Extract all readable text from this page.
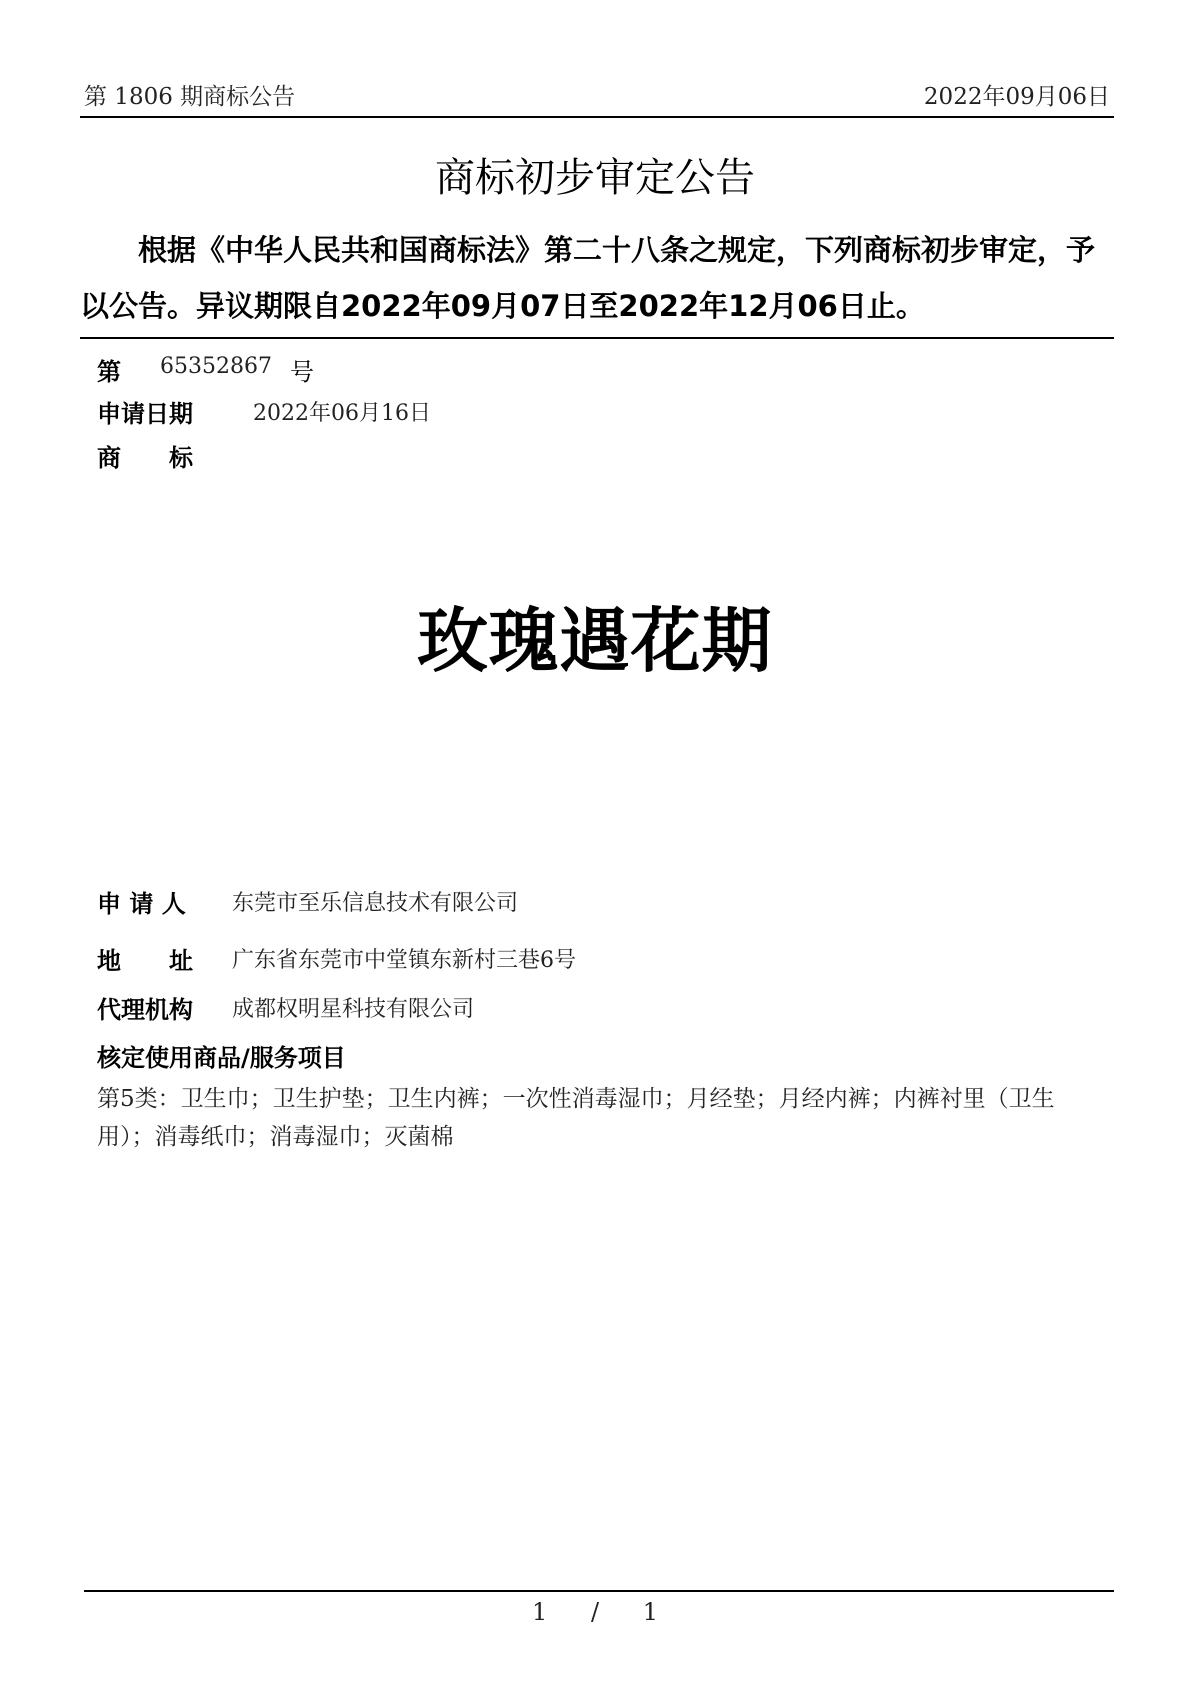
第 1806 期商标公告	2022年09月06日
商标初步审定公告
根据《中华人民共和国商标法》第二十八条之规定，下列商标初步审定，予以公告。异议期限自2022年09月07日至2022年12月06日止。
第 65352867 号
申请日期	2022年06月16日
商　　标
玫瑰遇花期
申 请 人 东莞市至乐信息技术有限公司
地　　址 广东省东莞市中堂镇东新村三巷6号
代理机构 成都权明星科技有限公司
核定使用商品/服务项目
第5类：卫生巾；卫生护垫；卫生内裤；一次性消毒湿巾；月经垫；月经内裤；内裤衬里（卫生用）；消毒纸巾；消毒湿巾；灭菌棉
1 / 1
